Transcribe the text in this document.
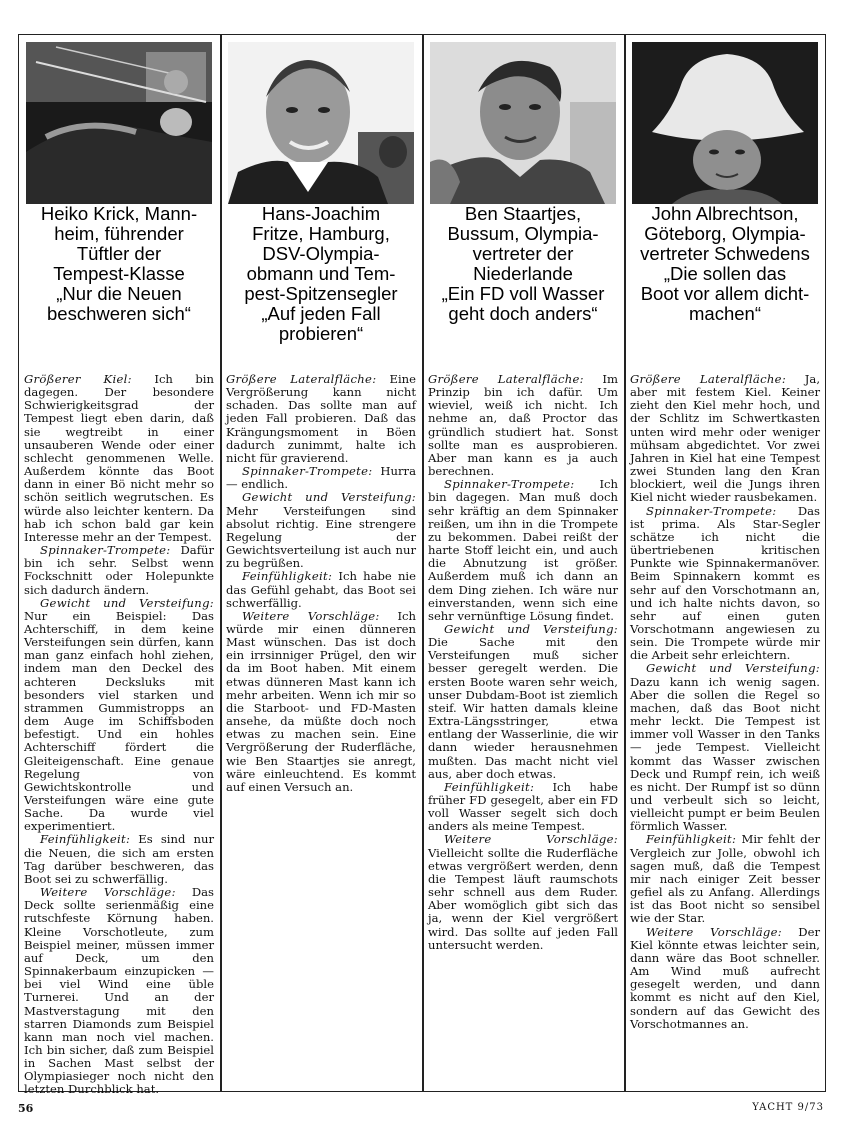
Heiko Krick, Mann-
heim, führender
Tüftler der
Tempest-Klasse
„Nur die Neuen
beschweren sich“

Größerer Kiel: Ich bin dagegen. Der besondere Schwierigkeitsgrad der Tempest liegt eben darin, daß sie wegtreibt in einer unsauberen Wende oder einer schlecht genommenen Welle. Außerdem könnte das Boot dann in einer Bö nicht mehr so schön seitlich wegrutschen. Es würde also leichter kentern. Da hab ich schon bald gar kein Interesse mehr an der Tempest.

Spinnaker-Trompete: Dafür bin ich sehr. Selbst wenn Fockschnitt oder Holepunkte sich dadurch ändern.

Gewicht und Versteifung: Nur ein Beispiel: Das Achterschiff, in dem keine Versteifungen sein dürfen, kann man ganz einfach hohl ziehen, indem man den Deckel des achteren Decksluks mit besonders viel starken und strammen Gummistropps an dem Auge im Schiffsboden befestigt. Und ein hohles Achterschiff fördert die Gleiteigenschaft. Eine genaue Regelung von Gewichtskontrolle und Versteifungen wäre eine gute Sache. Da wurde viel experimentiert.

Feinfühligkeit: Es sind nur die Neuen, die sich am ersten Tag darüber beschweren, das Boot sei zu schwerfällig.

Weitere Vorschläge: Das Deck sollte serienmäßig eine rutschfeste Körnung haben. Kleine Vorschotleute, zum Beispiel meiner, müssen immer auf Deck, um den Spinnakerbaum einzupicken — bei viel Wind eine üble Turnerei. Und an der Mastverstagung mit den starren Diamonds zum Beispiel kann man noch viel machen. Ich bin sicher, daß zum Beispiel in Sachen Mast selbst der Olympiasieger noch nicht den letzten Durchblick hat.

Hans-Joachim
Fritze, Hamburg,
DSV-Olympia-
obmann und Tem-
pest-Spitzensegler
„Auf jeden Fall
probieren“

Größere Lateralfläche: Eine Vergrößerung kann nicht schaden. Das sollte man auf jeden Fall probieren. Daß das Krängungsmoment in Böen dadurch zunimmt, halte ich nicht für gravierend.

Spinnaker-Trompete: Hurra — endlich.

Gewicht und Versteifung: Mehr Versteifungen sind absolut richtig. Eine strengere Regelung der Gewichtsverteilung ist auch nur zu begrüßen.

Feinfühligkeit: Ich habe nie das Gefühl gehabt, das Boot sei schwerfällig.

Weitere Vorschläge: Ich würde mir einen dünneren Mast wünschen. Das ist doch ein irrsinniger Prügel, den wir da im Boot haben. Mit einem etwas dünneren Mast kann ich mehr arbeiten. Wenn ich mir so die Starboot- und FD-Masten ansehe, da müßte doch noch etwas zu machen sein. Eine Vergrößerung der Ruderfläche, wie Ben Staartjes sie anregt, wäre einleuchtend. Es kommt auf einen Versuch an.

Ben Staartjes,
Bussum, Olympia-
vertreter der
Niederlande
„Ein FD voll Wasser
geht doch anders“

Größere Lateralfläche: Im Prinzip bin ich dafür. Um wieviel, weiß ich nicht. Ich nehme an, daß Proctor das gründlich studiert hat. Sonst sollte man es ausprobieren. Aber man kann es ja auch berechnen.

Spinnaker-Trompete: Ich bin dagegen. Man muß doch sehr kräftig an dem Spinnaker reißen, um ihn in die Trompete zu bekommen. Dabei reißt der harte Stoff leicht ein, und auch die Abnutzung ist größer. Außerdem muß ich dann an dem Ding ziehen. Ich wäre nur einverstanden, wenn sich eine sehr vernünftige Lösung findet.

Gewicht und Versteifung: Die Sache mit den Versteifungen muß sicher besser geregelt werden. Die ersten Boote waren sehr weich, unser Dubdam-Boot ist ziemlich steif. Wir hatten damals kleine Extra-Längsstringer, etwa entlang der Wasserlinie, die wir dann wieder herausnehmen mußten. Das macht nicht viel aus, aber doch etwas.

Feinfühligkeit: Ich habe früher FD gesegelt, aber ein FD voll Wasser segelt sich doch anders als meine Tempest.

Weitere Vorschläge: Vielleicht sollte die Ruderfläche etwas vergrößert werden, denn die Tempest läuft raumschots sehr schnell aus dem Ruder. Aber womöglich gibt sich das ja, wenn der Kiel vergrößert wird. Das sollte auf jeden Fall untersucht werden.

John Albrechtson,
Göteborg, Olympia-
vertreter Schwedens
„Die sollen das
Boot vor allem dicht-
machen“

Größere Lateralfläche: Ja, aber mit festem Kiel. Keiner zieht den Kiel mehr hoch, und der Schlitz im Schwertkasten unten wird mehr oder weniger mühsam abgedichtet. Vor zwei Jahren in Kiel hat eine Tempest zwei Stunden lang den Kran blockiert, weil die Jungs ihren Kiel nicht wieder rausbekamen.

Spinnaker-Trompete: Das ist prima. Als Star-Segler schätze ich nicht die übertriebenen kritischen Punkte wie Spinnakermanöver. Beim Spinnakern kommt es sehr auf den Vorschotmann an, und ich halte nichts davon, so sehr auf einen guten Vorschotmann angewiesen zu sein. Die Trompete würde mir die Arbeit sehr erleichtern.

Gewicht und Versteifung: Dazu kann ich wenig sagen. Aber die sollen die Regel so machen, daß das Boot nicht mehr leckt. Die Tempest ist immer voll Wasser in den Tanks — jede Tempest. Vielleicht kommt das Wasser zwischen Deck und Rumpf rein, ich weiß es nicht. Der Rumpf ist so dünn und verbeult sich so leicht, vielleicht pumpt er beim Beulen förmlich Wasser.

Feinfühligkeit: Mir fehlt der Vergleich zur Jolle, obwohl ich sagen muß, daß die Tempest mir nach einiger Zeit besser gefiel als zu Anfang. Allerdings ist das Boot nicht so sensibel wie der Star.

Weitere Vorschläge: Der Kiel könnte etwas leichter sein, dann wäre das Boot schneller. Am Wind muß aufrecht gesegelt werden, und dann kommt es nicht auf den Kiel, sondern auf das Gewicht des Vorschotmannes an.

56	YACHT 9/73
